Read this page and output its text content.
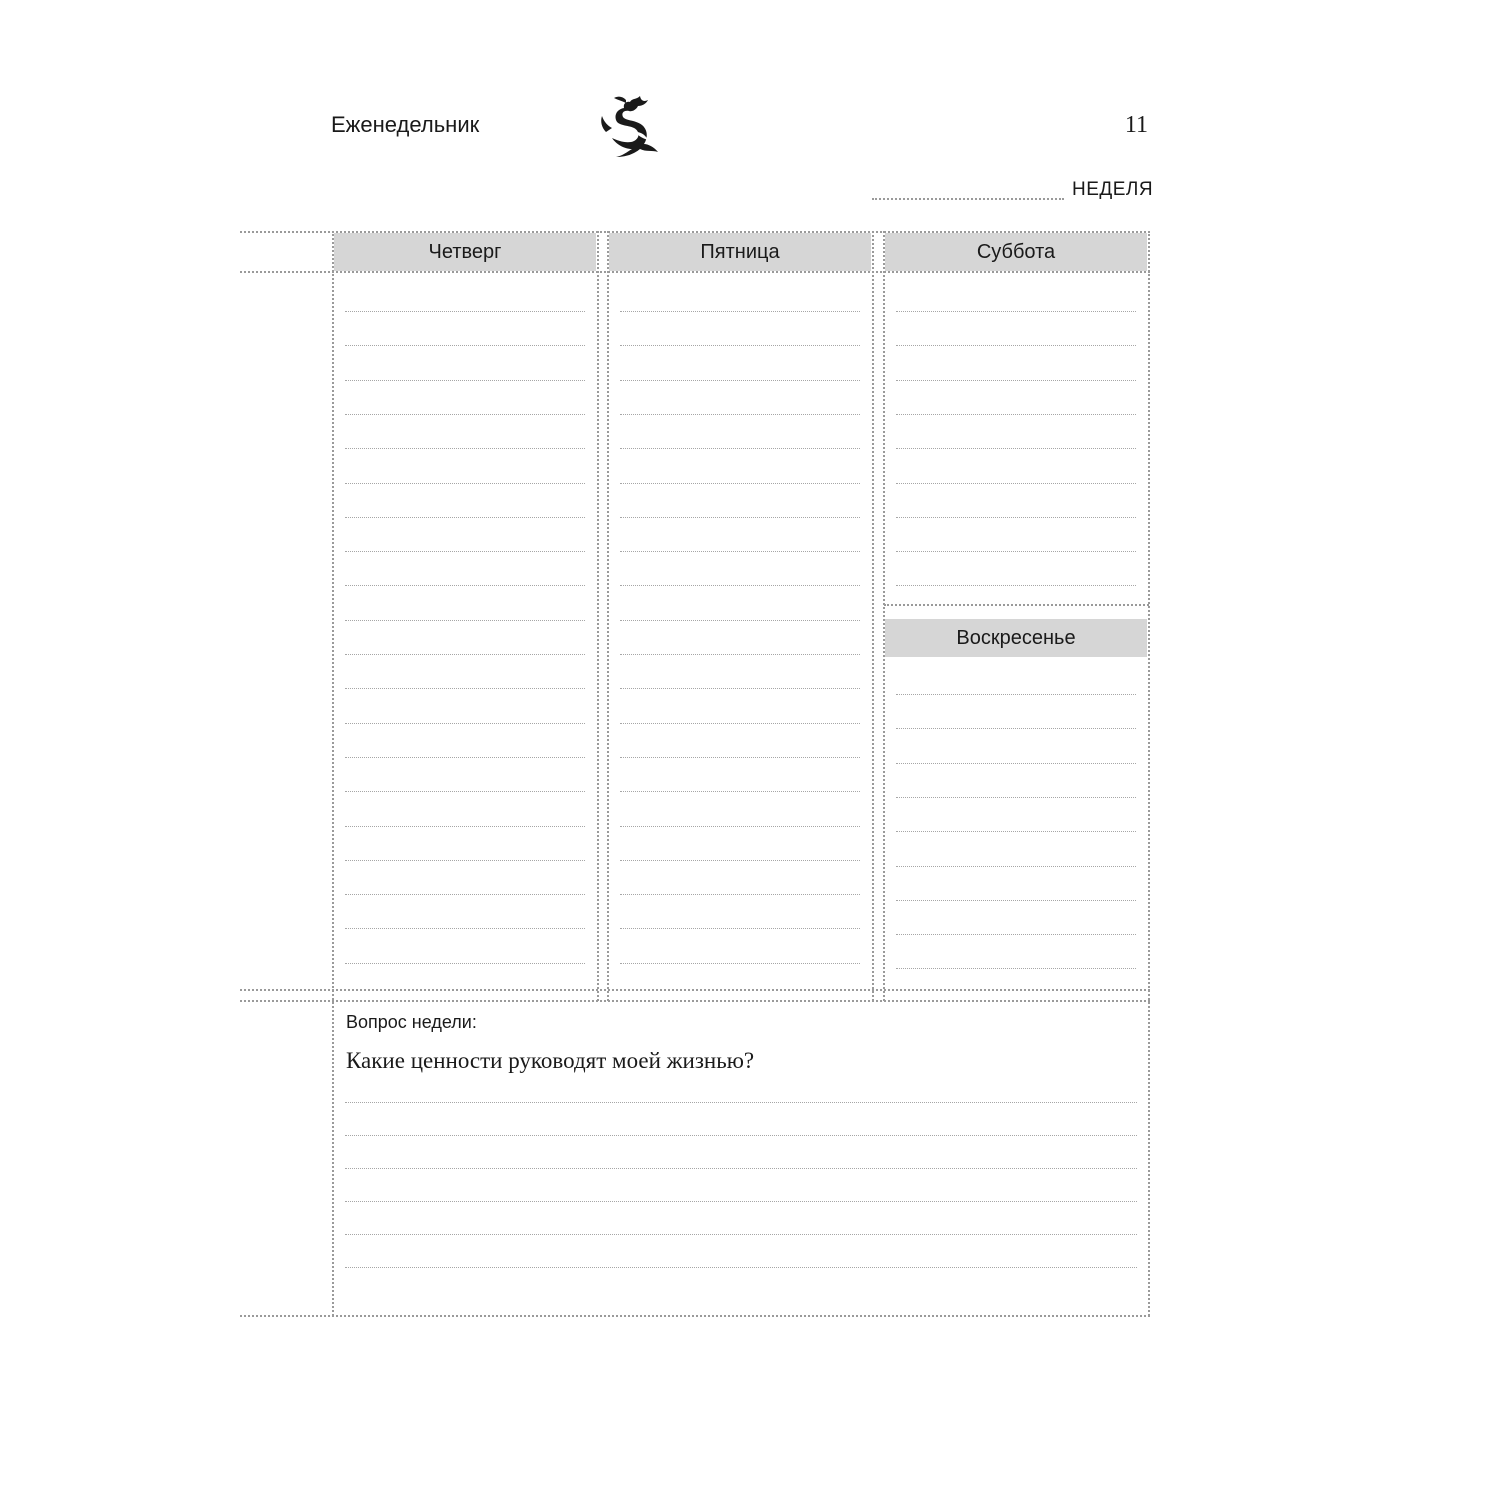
Еженедельник	11
НЕДЕЛЯ
Четверг	Пятница	Суббота
Воскресенье
Вопрос недели:
Какие ценности руководят моей жизнью?
